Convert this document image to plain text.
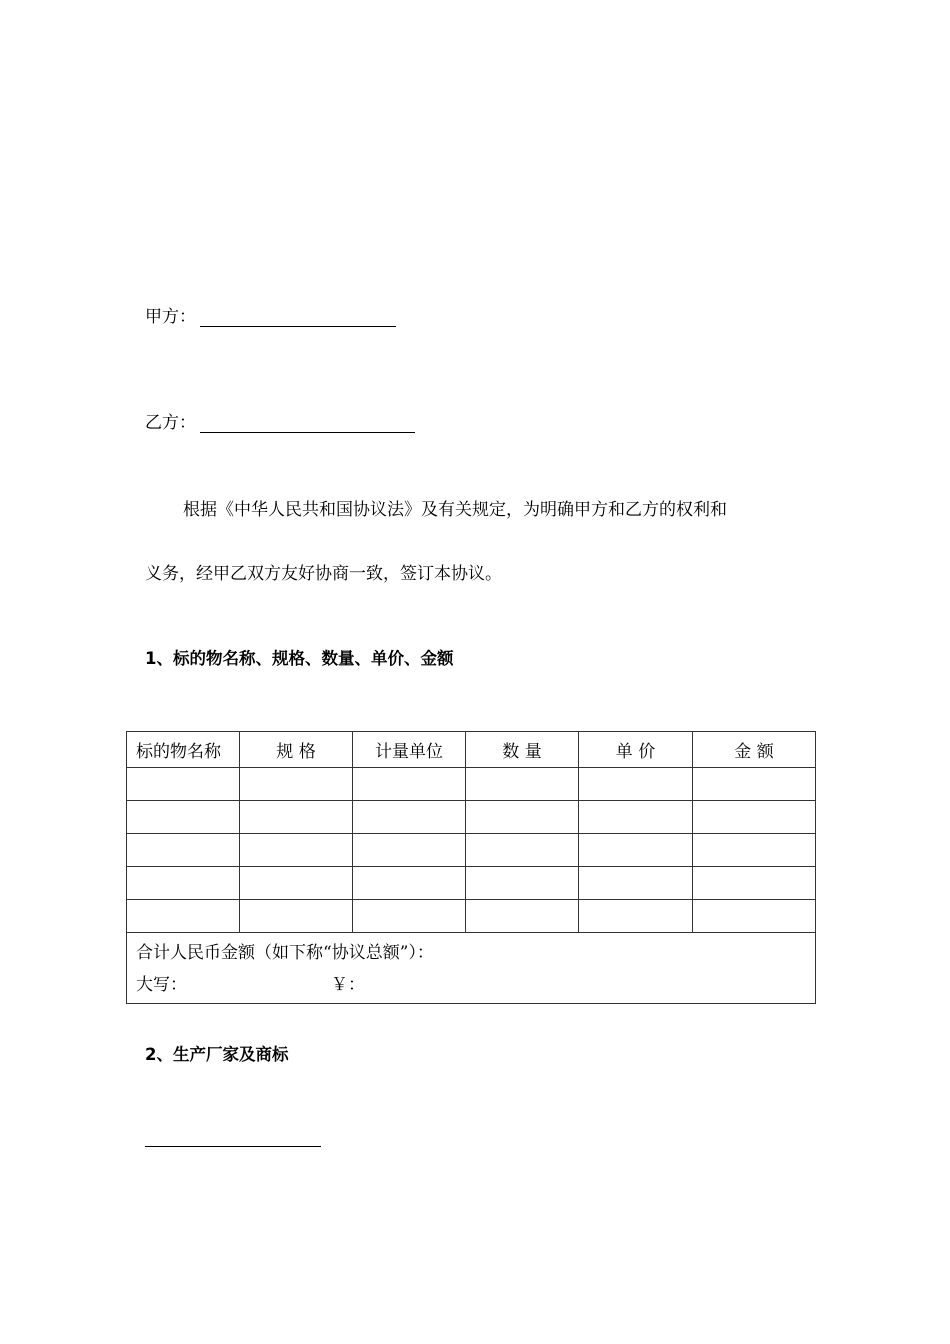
甲方：
乙方：

根据《中华人民共和国协议法》及有关规定，为明确甲方和乙方的权利和

义务，经甲乙双方友好协商一致，签订本协议。
1、标的物名称、规格、数量、单价、金额
标的物名称	规 格	计量单位	数 量	单 价	金 额

合计人民币金额（如下称“协议总额”）：
大写： ￥：					
2、生产厂家及商标
